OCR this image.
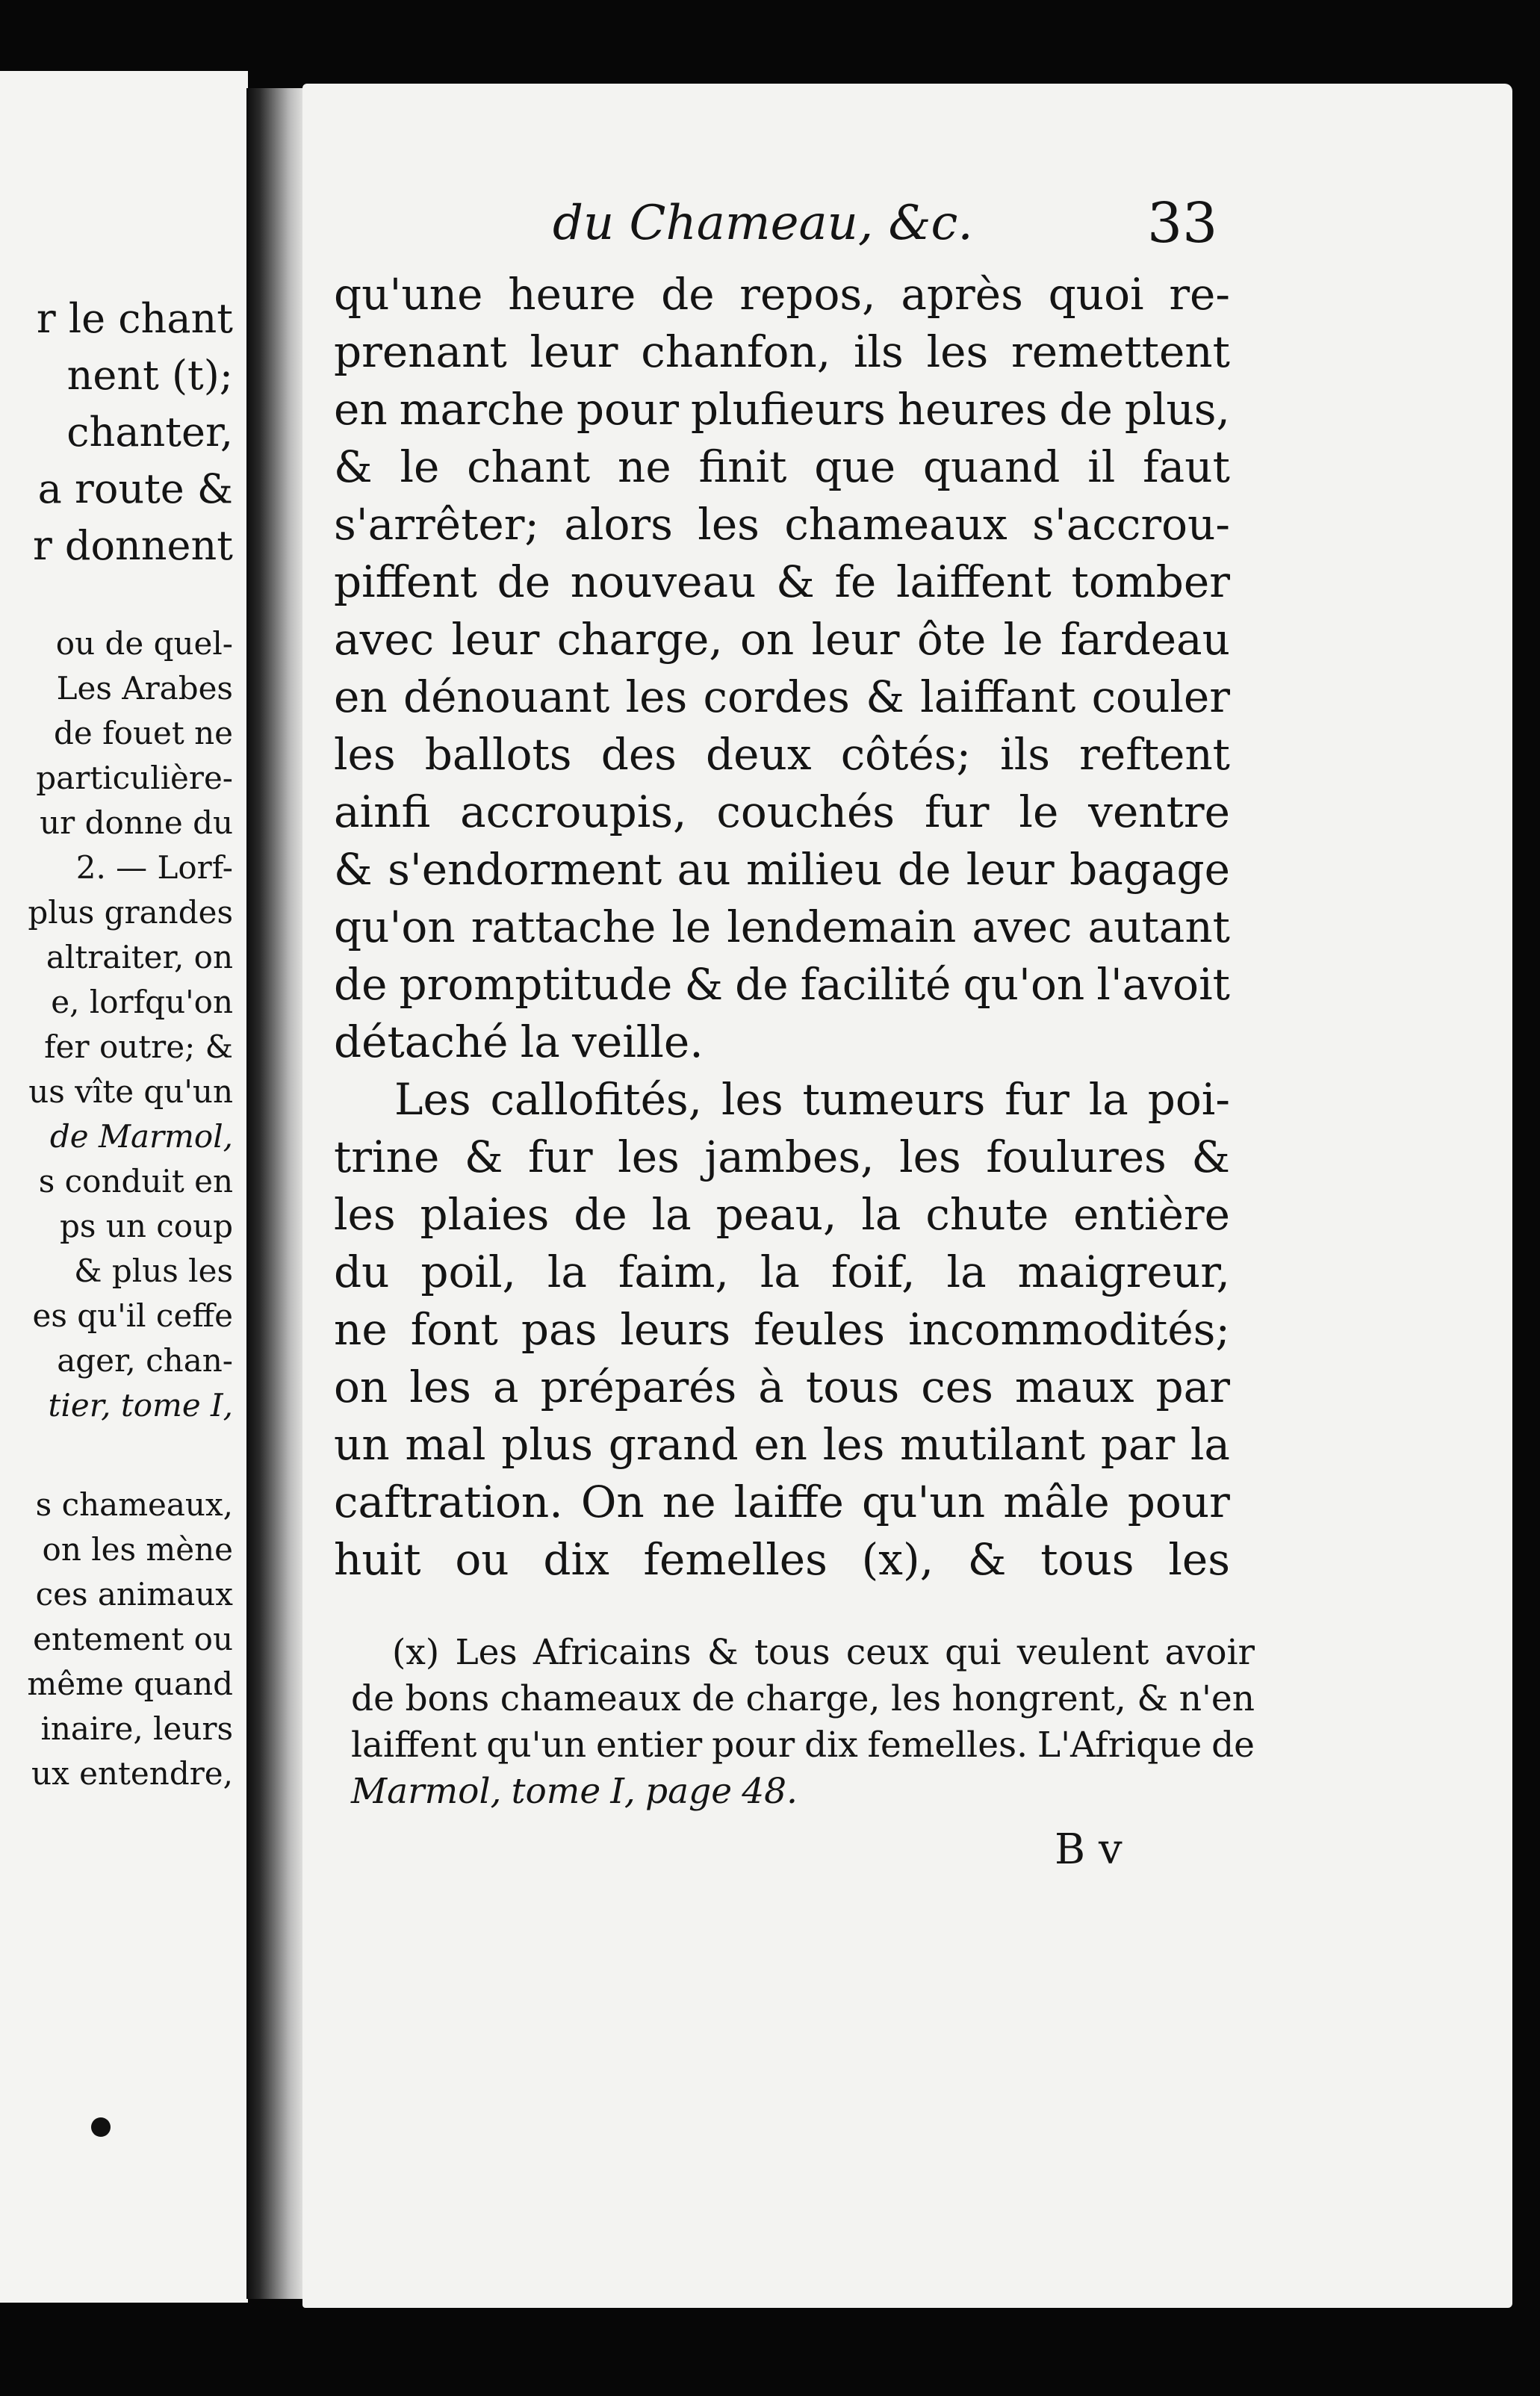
r le chant
nent (t);
chanter,
a route &
r donnent
ou de quel-
Les Arabes
de fouet ne
particulière-
ur donne du
2. — Lorf-
plus grandes
altraiter, on
e, lorfqu'on
fer outre; &
us vîte qu'un
de Marmol,
s conduit en
ps un coup
& plus les
es qu'il ceffe
ager, chan-
tier, tome I,
s chameaux,
on les mène
ces animaux
entement ou
même quand
inaire, leurs
ux entendre,
du Chameau, &c.	33
qu'une heure de repos, après quoi re-
prenant leur chanfon, ils les remettent
en marche pour plufieurs heures de plus,
& le chant ne finit que quand il faut
s'arrêter; alors les chameaux s'accrou-
piffent de nouveau & fe laiffent tomber
avec leur charge, on leur ôte le fardeau
en dénouant les cordes & laiffant couler
les ballots des deux côtés; ils reftent
ainfi accroupis, couchés fur le ventre
& s'endorment au milieu de leur bagage
qu'on rattache le lendemain avec autant
de promptitude & de facilité qu'on l'avoit
détaché la veille.
Les callofités, les tumeurs fur la poi-
trine & fur les jambes, les foulures &
les plaies de la peau, la chute entière
du poil, la faim, la foif, la maigreur,
ne font pas leurs feules incommodités;
on les a préparés à tous ces maux par
un mal plus grand en les mutilant par la
caftration. On ne laiffe qu'un mâle pour
huit ou dix femelles (x), & tous les
(x) Les Africains & tous ceux qui veulent avoir
de bons chameaux de charge, les hongrent, & n'en
laiffent qu'un entier pour dix femelles. L'Afrique de
Marmol, tome I, page 48.
B v
